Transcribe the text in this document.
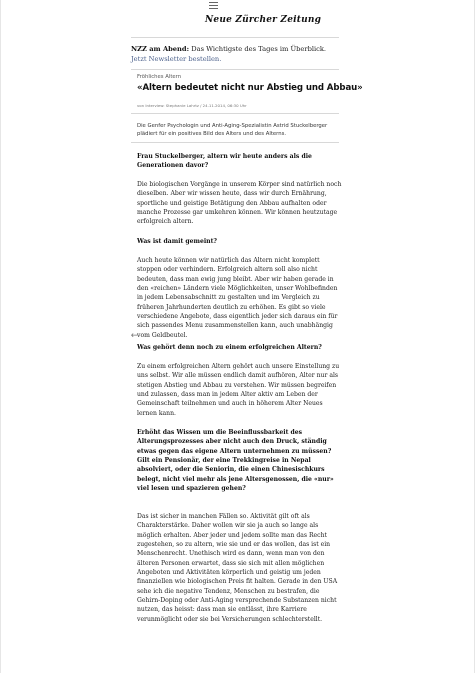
Neue Zürcher Zeitung
NZZ am Abend: Das Wichtigste des Tages im Überblick. Jetzt Newsletter bestellen.
Fröhliches Altern
«Altern bedeutet nicht nur Abstieg und Abbau»
von Interview: Stephanie Lahrtz / 24.11.2014, 06:30 Uhr
Die Genfer Psychologin und Anti-Aging-Spezialistin Astrid Stuckelberger plädiert für ein positives Bild des Alters und des Alterns.

Frau Stuckelberger, altern wir heute anders als die Generationen davor?

Die biologischen Vorgänge in unserem Körper sind natürlich noch dieselben. Aber wir wissen heute, dass wir durch Ernährung, sportliche und geistige Betätigung den Abbau aufhalten oder manche Prozesse gar umkehren können. Wir können heutzutage erfolgreich altern.

Was ist damit gemeint?

Auch heute können wir natürlich das Altern nicht komplett stoppen oder verhindern. Erfolgreich altern soll also nicht bedeuten, dass man ewig jung bleibt. Aber wir haben gerade in den «reichen» Ländern viele Möglichkeiten, unser Wohlbefinden in jedem Lebensabschnitt zu gestalten und im Vergleich zu früheren Jahrhunderten deutlich zu erhöhen. Es gibt so viele verschiedene Angebote, dass eigentlich jeder sich daraus ein für sich passendes Menu zusammenstellen kann, auch unabhängig vom Geldbeutel.

Was gehört denn noch zu einem erfolgreichen Altern?

Zu einem erfolgreichen Altern gehört auch unsere Einstellung zu uns selbst. Wir alle müssen endlich damit aufhören, Alter nur als stetigen Abstieg und Abbau zu verstehen. Wir müssen begreifen und zulassen, dass man in jedem Alter aktiv am Leben der Gemeinschaft teilnehmen und auch in höherem Alter Neues lernen kann.

Erhöht das Wissen um die Beeinflussbarkeit des Alterungsprozesses aber nicht auch den Druck, ständig etwas gegen das eigene Altern unternehmen zu müssen? Gilt ein Pensionär, der eine Trekkingreise in Nepal absolviert, oder die Seniorin, die einen Chinesischkurs belegt, nicht viel mehr als jene Altersgenossen, die «nur» viel lesen und spazieren gehen?

Das ist sicher in manchen Fällen so. Aktivität gilt oft als Charakterstärke. Daher wollen wir sie ja auch so lange als möglich erhalten. Aber jeder und jedem sollte man das Recht zugestehen, so zu altern, wie sie und er das wollen, das ist ein Menschenrecht. Unethisch wird es dann, wenn man von den älteren Personen erwartet, dass sie sich mit allen möglichen Angeboten und Aktivitäten körperlich und geistig um jeden finanziellen wie biologischen Preis fit halten. Gerade in den USA sehe ich die negative Tendenz, Menschen zu bestrafen, die Gehirn-Doping oder Anti-Aging versprechende Substanzen nicht nutzen, das heisst: dass man sie entlässt, ihre Karriere verunmöglicht oder sie bei Versicherungen schlechterstellt.

←
